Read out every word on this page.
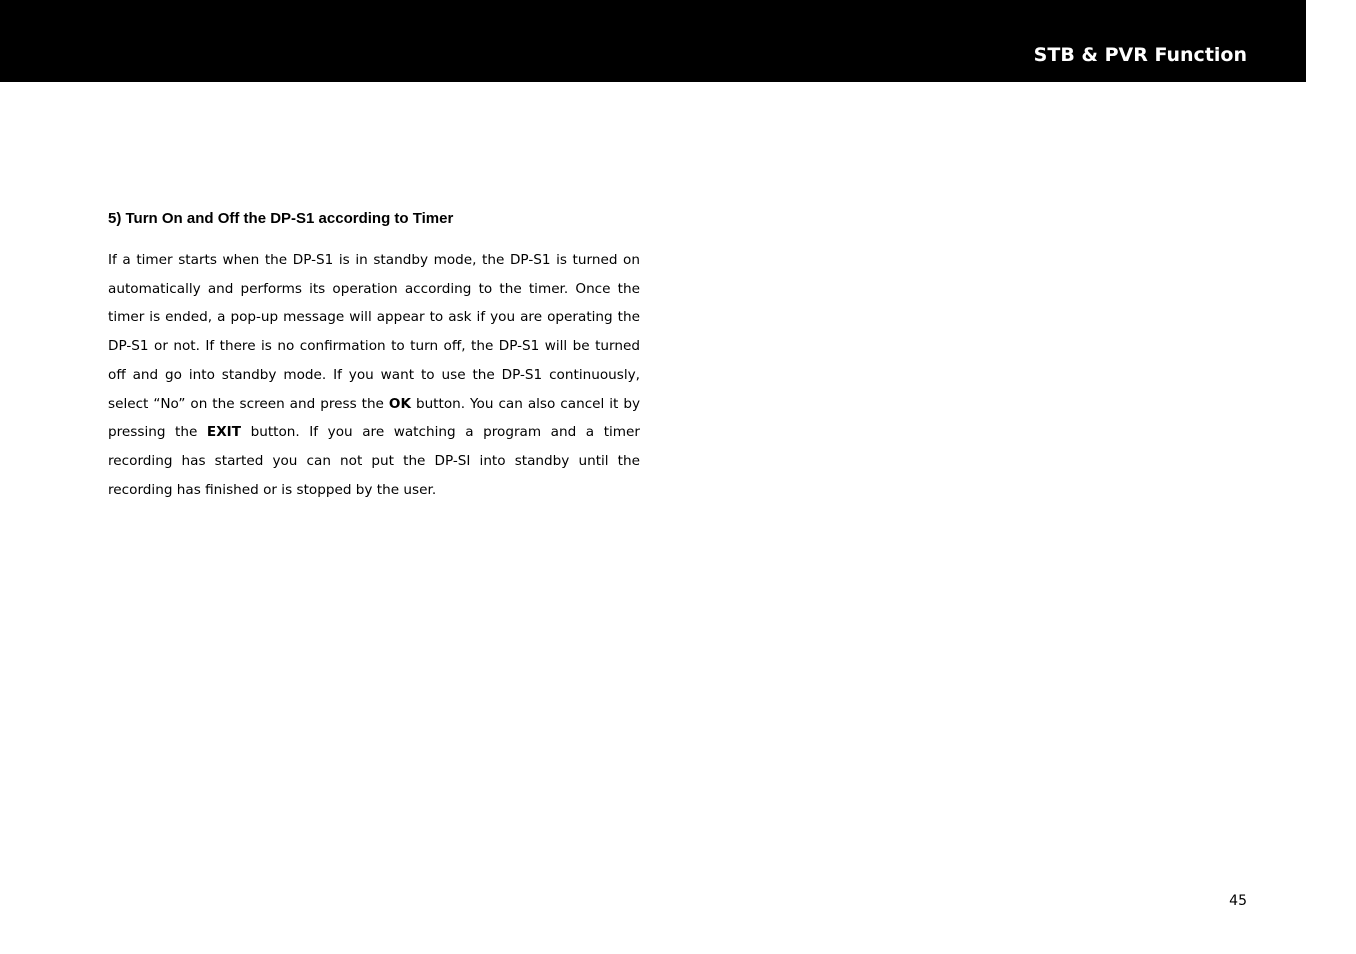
STB & PVR Function
5) Turn On and Off the DP-S1 according to Timer

If a timer starts when the DP-S1 is in standby mode, the DP-S1 is turned on automatically and performs its operation according to the timer. Once the timer is ended, a pop-up message will appear to ask if you are operating the DP-S1 or not. If there is no confirmation to turn off, the DP-S1 will be turned off and go into standby mode. If you want to use the DP-S1 continuously, select “No” on the screen and press the OK button. You can also cancel it by pressing the EXIT button. If you are watching a program and a timer recording has started you can not put the DP-SI into standby until the recording has finished or is stopped by the user.

45
